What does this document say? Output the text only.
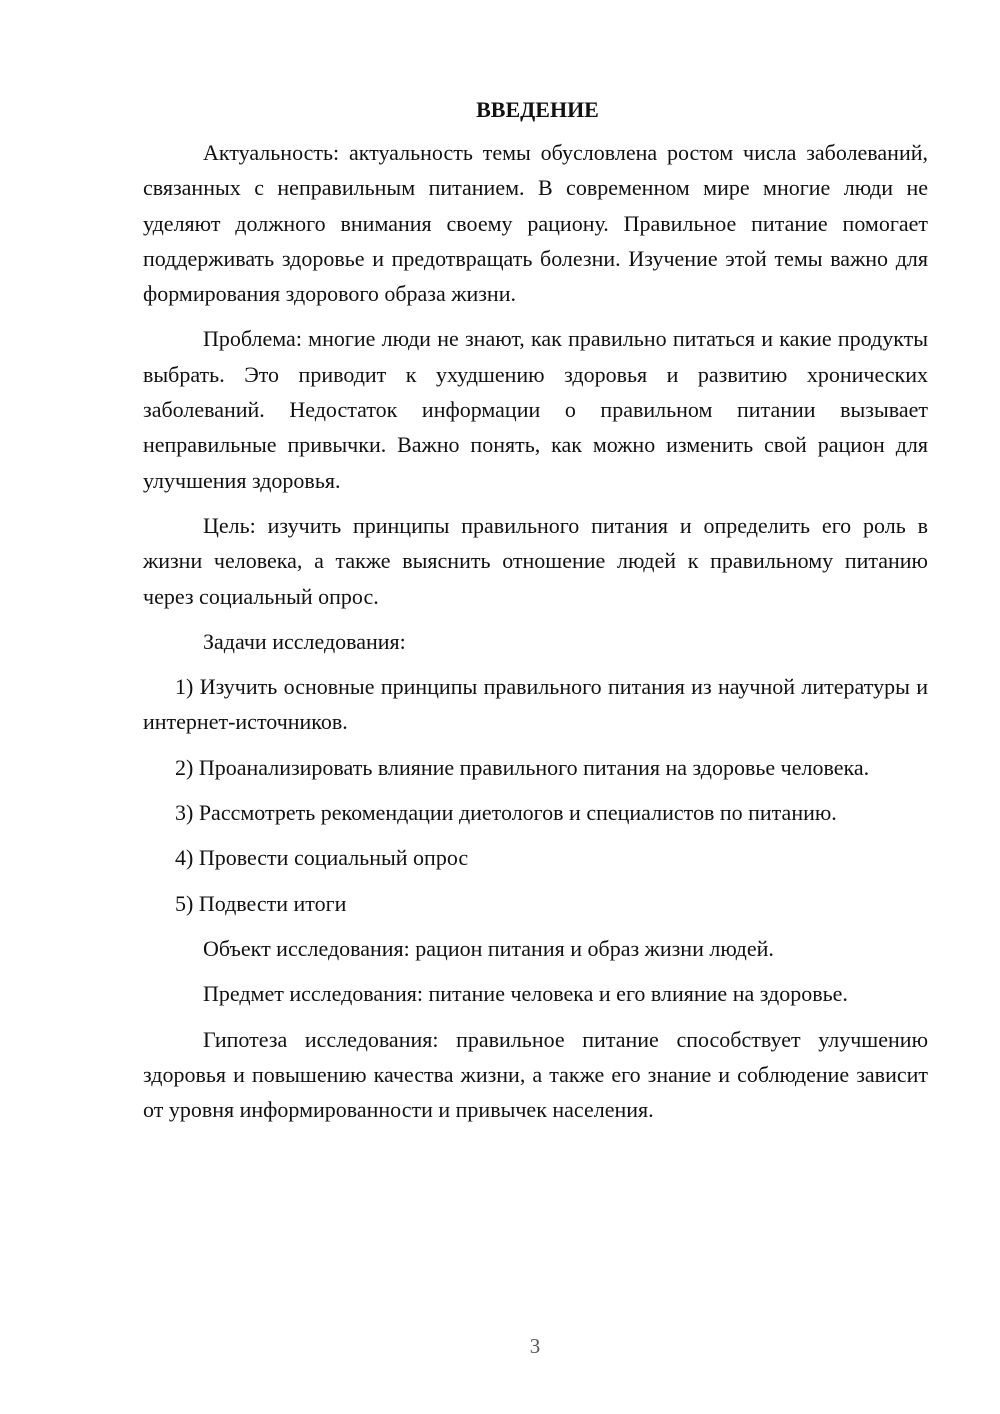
ВВЕДЕНИЕ

Актуальность: актуальность темы обусловлена ростом числа заболеваний, связанных с неправильным питанием. В современном мире многие люди не уделяют должного внимания своему рациону. Правильное питание помогает поддерживать здоровье и предотвращать болезни. Изучение этой темы важно для формирования здорового образа жизни.

Проблема: многие люди не знают, как правильно питаться и какие продукты выбрать. Это приводит к ухудшению здоровья и развитию хронических заболеваний. Недостаток информации о правильном питании вызывает неправильные привычки. Важно понять, как можно изменить свой рацион для улучшения здоровья.

Цель: изучить принципы правильного питания и определить его роль в жизни человека, а также выяснить отношение людей к правильному питанию через социальный опрос.

Задачи исследования:

1) Изучить основные принципы правильного питания из научной литературы и интернет-источников.

2) Проанализировать влияние правильного питания на здоровье человека.

3) Рассмотреть рекомендации диетологов и специалистов по питанию.

4) Провести социальный опрос

5) Подвести итоги

Объект исследования: рацион питания и образ жизни людей.

Предмет исследования: питание человека и его влияние на здоровье.

Гипотеза исследования: правильное питание способствует улучшению здоровья и повышению качества жизни, а также его знание и соблюдение зависит от уровня информированности и привычек населения.

3
